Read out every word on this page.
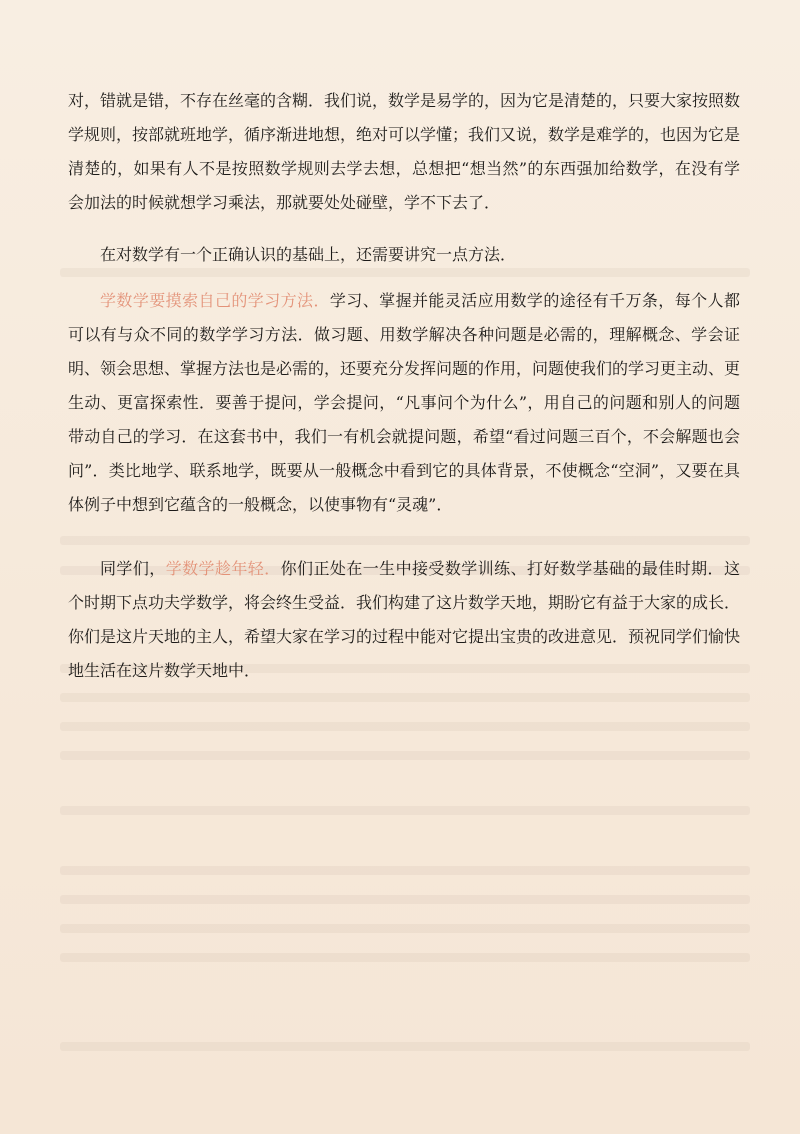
对，错就是错，不存在丝毫的含糊．我们说，数学是易学的，因为它是清楚的，只要大家按照数学规则，按部就班地学，循序渐进地想，绝对可以学懂；我们又说，数学是难学的，也因为它是清楚的，如果有人不是按照数学规则去学去想，总想把“想当然”的东西强加给数学，在没有学会加法的时候就想学习乘法，那就要处处碰壁，学不下去了．

在对数学有一个正确认识的基础上，还需要讲究一点方法．

学数学要摸索自己的学习方法．学习、掌握并能灵活应用数学的途径有千万条，每个人都可以有与众不同的数学学习方法．做习题、用数学解决各种问题是必需的，理解概念、学会证明、领会思想、掌握方法也是必需的，还要充分发挥问题的作用，问题使我们的学习更主动、更生动、更富探索性．要善于提问，学会提问，“凡事问个为什么”，用自己的问题和别人的问题带动自己的学习．在这套书中，我们一有机会就提问题，希望“看过问题三百个，不会解题也会问”．类比地学、联系地学，既要从一般概念中看到它的具体背景，不使概念“空洞”，又要在具体例子中想到它蕴含的一般概念，以使事物有“灵魂”．

同学们，学数学趁年轻．你们正处在一生中接受数学训练、打好数学基础的最佳时期．这个时期下点功夫学数学，将会终生受益．我们构建了这片数学天地，期盼它有益于大家的成长．你们是这片天地的主人，希望大家在学习的过程中能对它提出宝贵的改进意见．预祝同学们愉快地生活在这片数学天地中．
